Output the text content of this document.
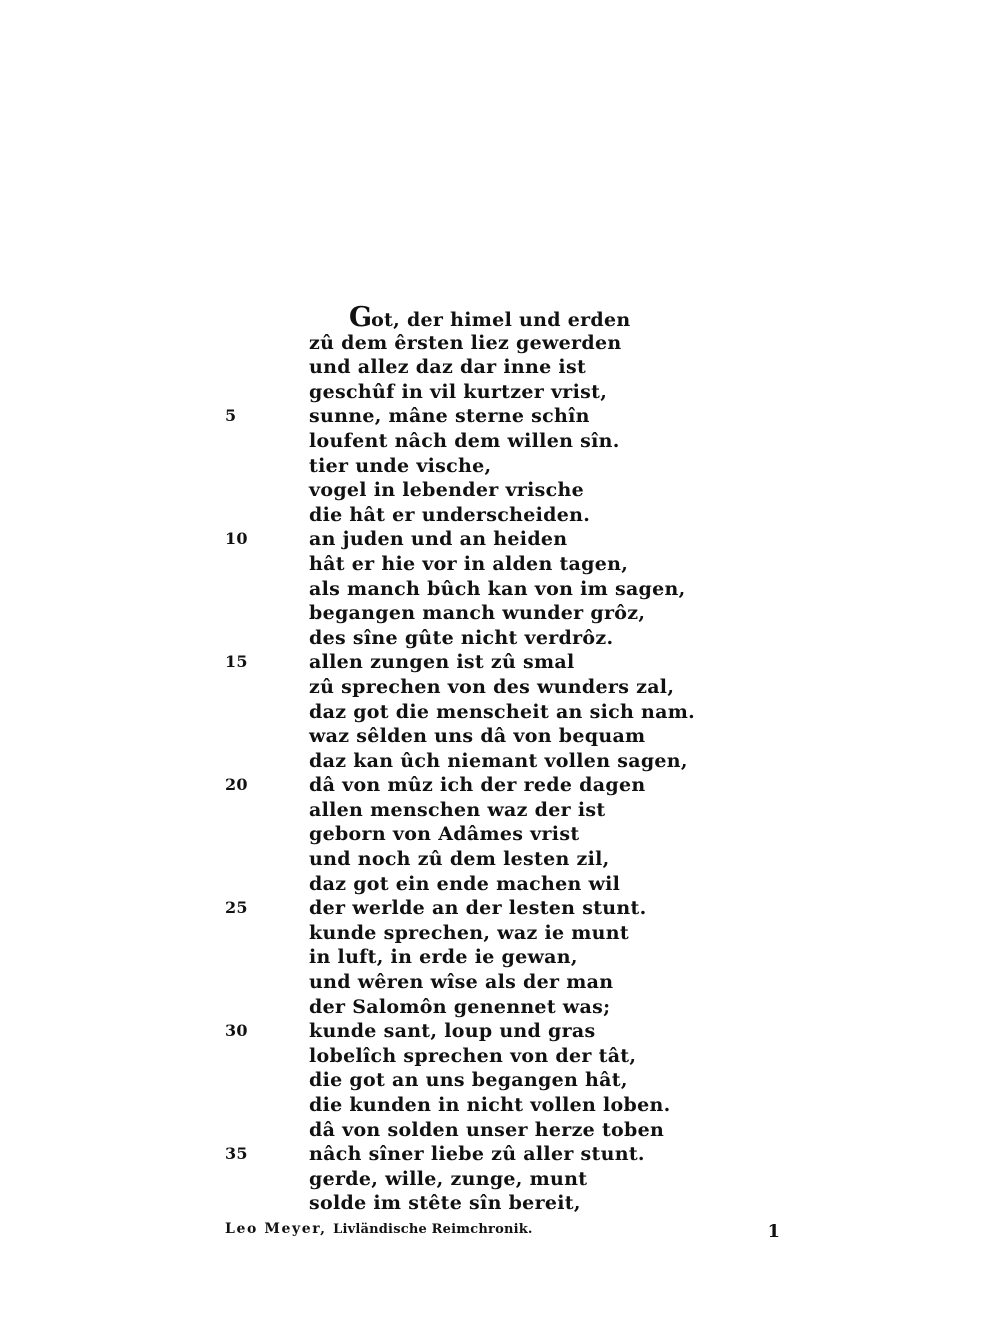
Got, der himel und erden
zû dem êrsten liez gewerden
und allez daz dar inne ist
geschûf in vil kurtzer vrist,
5	sunne, mâne sterne schîn
loufent nâch dem willen sîn.
tier unde vische,
vogel in lebender vrische
die hât er underscheiden.
10	an juden und an heiden
hât er hie vor in alden tagen,
als manch bûch kan von im sagen,
begangen manch wunder grôz,
des sîne gûte nicht verdrôz.
15	allen zungen ist zû smal
zû sprechen von des wunders zal,
daz got die menscheit an sich nam.
waz sêlden uns dâ von bequam
daz kan ûch niemant vollen sagen,
20	dâ von mûz ich der rede dagen
allen menschen waz der ist
geborn von Adâmes vrist
und noch zû dem lesten zil,
daz got ein ende machen wil
25	der werlde an der lesten stunt.
kunde sprechen, waz ie munt
in luft, in erde ie gewan,
und wêren wîse als der man
der Salomôn genennet was;
30	kunde sant, loup und gras
lobelîch sprechen von der tât,
die got an uns begangen hât,
die kunden in nicht vollen loben.
dâ von solden unser herze toben
35	nâch sîner liebe zû aller stunt.
gerde, wille, zunge, munt
solde im stête sîn bereit,
Leo Meyer, Livländische Reimchronik.	1
